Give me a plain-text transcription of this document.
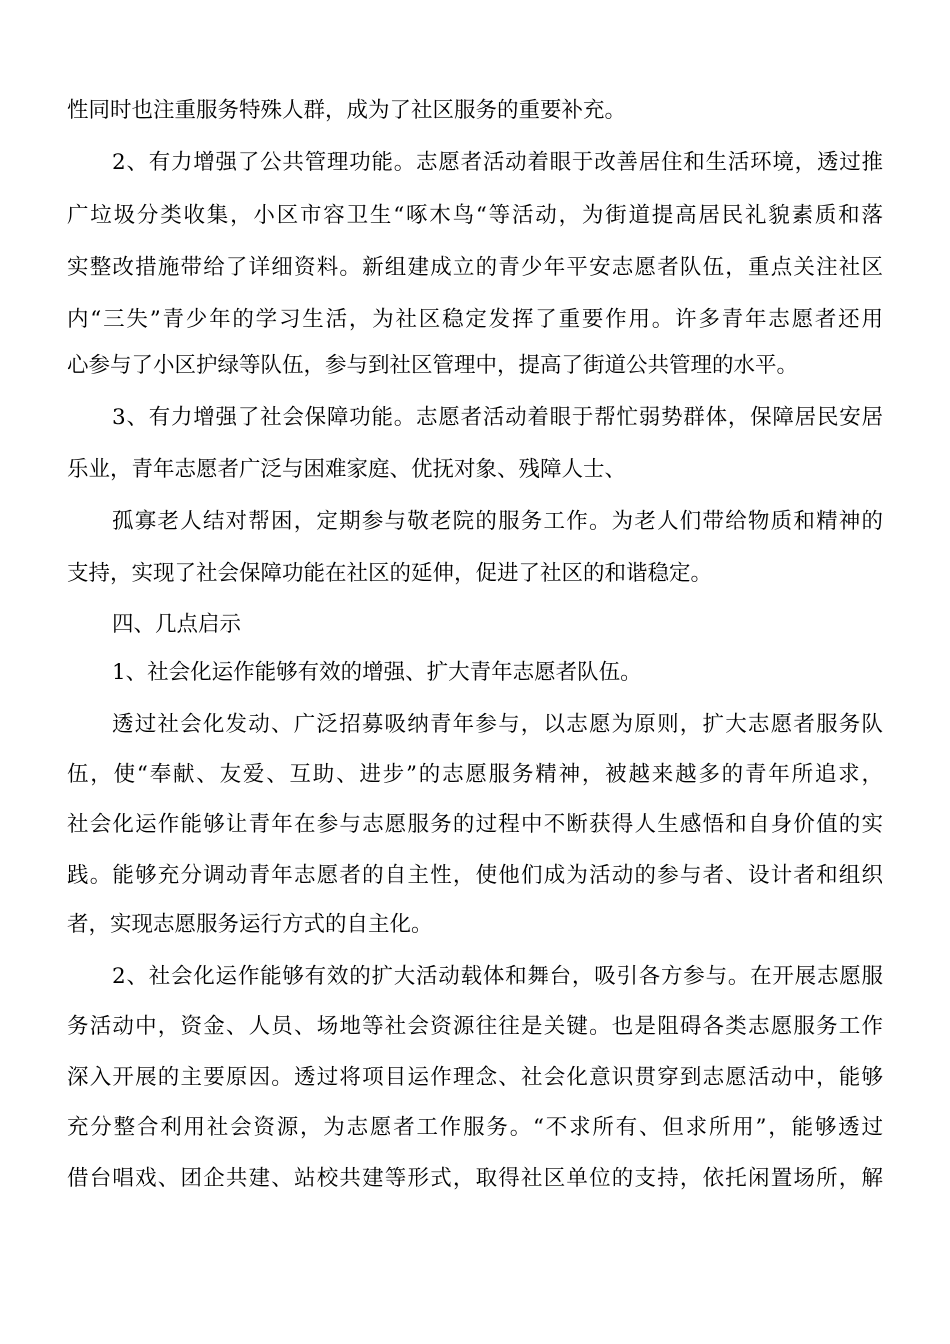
性同时也注重服务特殊人群，成为了社区服务的重要补充。

2、有力增强了公共管理功能。志愿者活动着眼于改善居住和生活环境，透过推

广垃圾分类收集，小区市容卫生“啄木鸟“等活动，为街道提高居民礼貌素质和落

实整改措施带给了详细资料。新组建成立的青少年平安志愿者队伍，重点关注社区

内“三失”青少年的学习生活，为社区稳定发挥了重要作用。许多青年志愿者还用

心参与了小区护绿等队伍，参与到社区管理中，提高了街道公共管理的水平。

3、有力增强了社会保障功能。志愿者活动着眼于帮忙弱势群体，保障居民安居

乐业，青年志愿者广泛与困难家庭、优抚对象、残障人士、

孤寡老人结对帮困，定期参与敬老院的服务工作。为老人们带给物质和精神的

支持，实现了社会保障功能在社区的延伸，促进了社区的和谐稳定。

四、几点启示

1、社会化运作能够有效的增强、扩大青年志愿者队伍。

透过社会化发动、广泛招募吸纳青年参与，以志愿为原则，扩大志愿者服务队

伍，使“奉献、友爱、互助、进步”的志愿服务精神，被越来越多的青年所追求，

社会化运作能够让青年在参与志愿服务的过程中不断获得人生感悟和自身价值的实

践。能够充分调动青年志愿者的自主性，使他们成为活动的参与者、设计者和组织

者，实现志愿服务运行方式的自主化。

2、社会化运作能够有效的扩大活动载体和舞台，吸引各方参与。在开展志愿服

务活动中，资金、人员、场地等社会资源往往是关键。也是阻碍各类志愿服务工作

深入开展的主要原因。透过将项目运作理念、社会化意识贯穿到志愿活动中，能够

充分整合利用社会资源，为志愿者工作服务。“不求所有、但求所用”，能够透过

借台唱戏、团企共建、站校共建等形式，取得社区单位的支持，依托闲置场所，解
